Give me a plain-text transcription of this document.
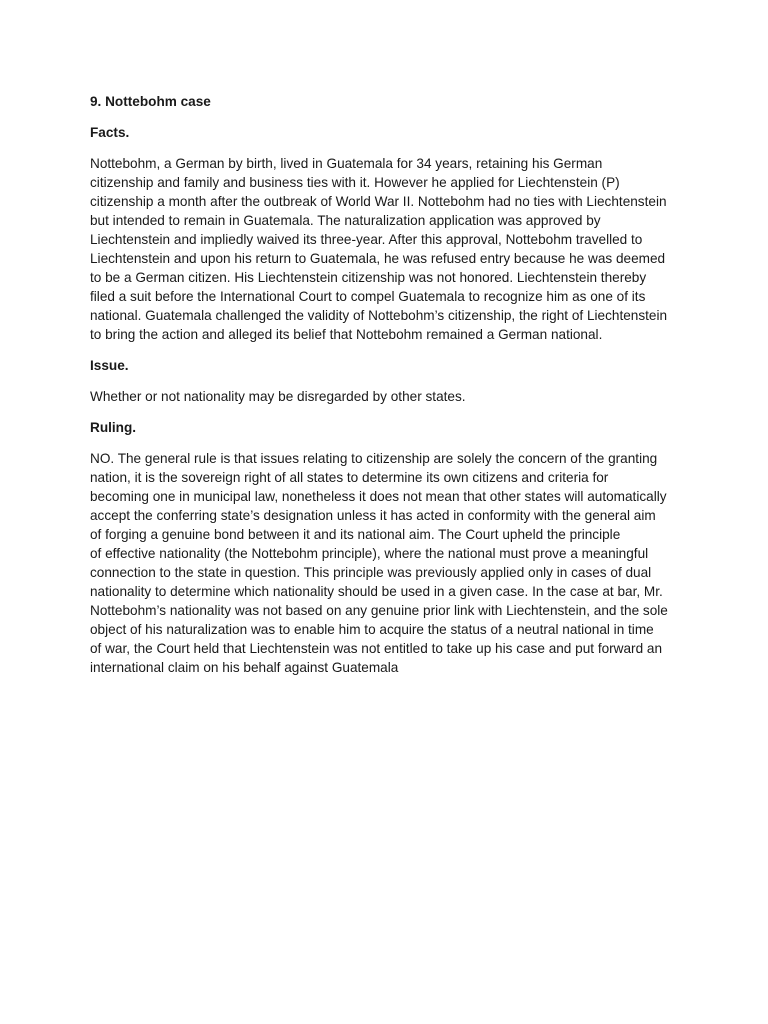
9. Nottebohm case

Facts.

Nottebohm, a German by birth, lived in Guatemala for 34 years, retaining his German
citizenship and family and business ties with it. However he applied for Liechtenstein (P)
citizenship a month after the outbreak of World War II. Nottebohm had no ties with Liechtenstein
but intended to remain in Guatemala. The naturalization application was approved by
Liechtenstein and impliedly waived its three-year. After this approval, Nottebohm travelled to
Liechtenstein and upon his return to Guatemala, he was refused entry because he was deemed
to be a German citizen. His Liechtenstein citizenship was not honored. Liechtenstein thereby
filed a suit before the International Court to compel Guatemala to recognize him as one of its
national. Guatemala challenged the validity of Nottebohm’s citizenship, the right of Liechtenstein
to bring the action and alleged its belief that Nottebohm remained a German national.

Issue.

Whether or not nationality may be disregarded by other states.

Ruling.

NO. The general rule is that issues relating to citizenship are solely the concern of the granting
nation, it is the sovereign right of all states to determine its own citizens and criteria for
becoming one in municipal law, nonetheless it does not mean that other states will automatically
accept the conferring state’s designation unless it has acted in conformity with the general aim
of forging a genuine bond between it and its national aim. The Court upheld the principle
of effective nationality (the Nottebohm principle), where the national must prove a meaningful
connection to the state in question. This principle was previously applied only in cases of dual
nationality to determine which nationality should be used in a given case. In the case at bar, Mr.
Nottebohm’s nationality was not based on any genuine prior link with Liechtenstein, and the sole
object of his naturalization was to enable him to acquire the status of a neutral national in time
of war, the Court held that Liechtenstein was not entitled to take up his case and put forward an
international claim on his behalf against Guatemala
